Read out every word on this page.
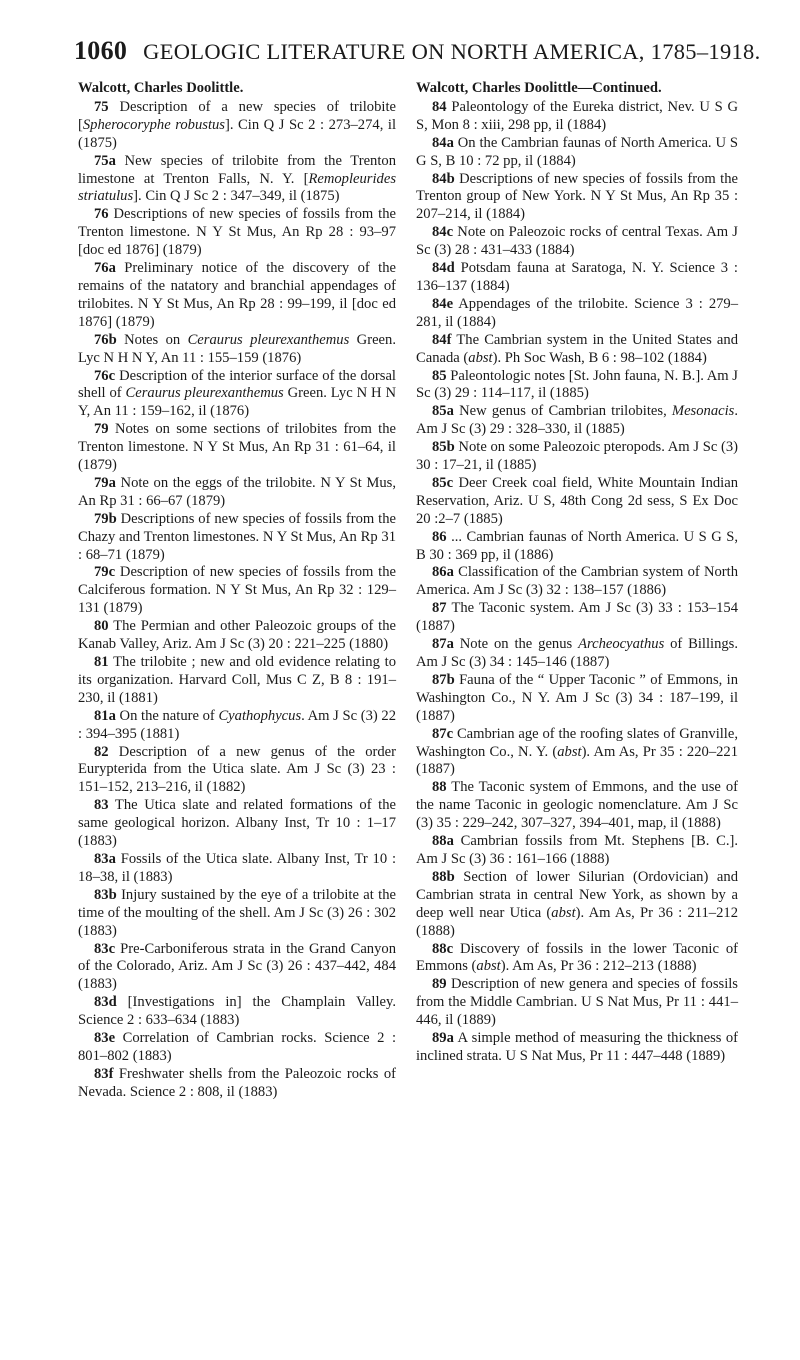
1060 GEOLOGIC LITERATURE ON NORTH AMERICA, 1785–1918.
Walcott, Charles Doolittle.

75 Description of a new species of trilobite [Spherocoryphe robustus]. Cin Q J Sc 2 : 273–274, il (1875)

75a New species of trilobite from the Trenton limestone at Trenton Falls, N. Y. [Remopleurides striatulus]. Cin Q J Sc 2 : 347–349, il (1875)

76 Descriptions of new species of fossils from the Trenton limestone. N Y St Mus, An Rp 28 : 93–97 [doc ed 1876] (1879)

76a Preliminary notice of the discovery of the remains of the natatory and branchial appendages of trilobites. N Y St Mus, An Rp 28 : 99–199, il [doc ed 1876] (1879)

76b Notes on Ceraurus pleurexanthemus Green. Lyc N H N Y, An 11 : 155–159 (1876)

76c Description of the interior surface of the dorsal shell of Ceraurus pleurexanthemus Green. Lyc N H N Y, An 11 : 159–162, il (1876)

79 Notes on some sections of trilobites from the Trenton limestone. N Y St Mus, An Rp 31 : 61–64, il (1879)

79a Note on the eggs of the trilobite. N Y St Mus, An Rp 31 : 66–67 (1879)

79b Descriptions of new species of fossils from the Chazy and Trenton limestones. N Y St Mus, An Rp 31 : 68–71 (1879)

79c Description of new species of fossils from the Calciferous formation. N Y St Mus, An Rp 32 : 129–131 (1879)

80 The Permian and other Paleozoic groups of the Kanab Valley, Ariz. Am J Sc (3) 20 : 221–225 (1880)

81 The trilobite ; new and old evidence relating to its organization. Harvard Coll, Mus C Z, B 8 : 191–230, il (1881)

81a On the nature of Cyathophycus. Am J Sc (3) 22 : 394–395 (1881)

82 Description of a new genus of the order Eurypterida from the Utica slate. Am J Sc (3) 23 : 151–152, 213–216, il (1882)

83 The Utica slate and related formations of the same geological horizon. Albany Inst, Tr 10 : 1–17 (1883)

83a Fossils of the Utica slate. Albany Inst, Tr 10 : 18–38, il (1883)

83b Injury sustained by the eye of a trilobite at the time of the moulting of the shell. Am J Sc (3) 26 : 302 (1883)

83c Pre-Carboniferous strata in the Grand Canyon of the Colorado, Ariz. Am J Sc (3) 26 : 437–442, 484 (1883)

83d [Investigations in] the Champlain Valley. Science 2 : 633–634 (1883)

83e Correlation of Cambrian rocks. Science 2 : 801–802 (1883)

83f Freshwater shells from the Paleozoic rocks of Nevada. Science 2 : 808, il (1883)

Walcott, Charles Doolittle—Continued.

84 Paleontology of the Eureka district, Nev. U S G S, Mon 8 : xiii, 298 pp, il (1884)

84a On the Cambrian faunas of North America. U S G S, B 10 : 72 pp, il (1884)

84b Descriptions of new species of fossils from the Trenton group of New York. N Y St Mus, An Rp 35 : 207–214, il (1884)

84c Note on Paleozoic rocks of central Texas. Am J Sc (3) 28 : 431–433 (1884)

84d Potsdam fauna at Saratoga, N. Y. Science 3 : 136–137 (1884)

84e Appendages of the trilobite. Science 3 : 279–281, il (1884)

84f The Cambrian system in the United States and Canada (abst). Ph Soc Wash, B 6 : 98–102 (1884)

85 Paleontologic notes [St. John fauna, N. B.]. Am J Sc (3) 29 : 114–117, il (1885)

85a New genus of Cambrian trilobites, Mesonacis. Am J Sc (3) 29 : 328–330, il (1885)

85b Note on some Paleozoic pteropods. Am J Sc (3) 30 : 17–21, il (1885)

85c Deer Creek coal field, White Mountain Indian Reservation, Ariz. U S, 48th Cong 2d sess, S Ex Doc 20 :2–7 (1885)

86 ... Cambrian faunas of North America. U S G S, B 30 : 369 pp, il (1886)

86a Classification of the Cambrian system of North America. Am J Sc (3) 32 : 138–157 (1886)

87 The Taconic system. Am J Sc (3) 33 : 153–154 (1887)

87a Note on the genus Archeocyathus of Billings. Am J Sc (3) 34 : 145–146 (1887)

87b Fauna of the “ Upper Taconic ” of Emmons, in Washington Co., N Y. Am J Sc (3) 34 : 187–199, il (1887)

87c Cambrian age of the roofing slates of Granville, Washington Co., N. Y. (abst). Am As, Pr 35 : 220–221 (1887)

88 The Taconic system of Emmons, and the use of the name Taconic in geologic nomenclature. Am J Sc (3) 35 : 229–242, 307–327, 394–401, map, il (1888)

88a Cambrian fossils from Mt. Stephens [B. C.]. Am J Sc (3) 36 : 161–166 (1888)

88b Section of lower Silurian (Ordovician) and Cambrian strata in central New York, as shown by a deep well near Utica (abst). Am As, Pr 36 : 211–212 (1888)

88c Discovery of fossils in the lower Taconic of Emmons (abst). Am As, Pr 36 : 212–213 (1888)

89 Description of new genera and species of fossils from the Middle Cambrian. U S Nat Mus, Pr 11 : 441–446, il (1889)

89a A simple method of measuring the thickness of inclined strata. U S Nat Mus, Pr 11 : 447–448 (1889)
